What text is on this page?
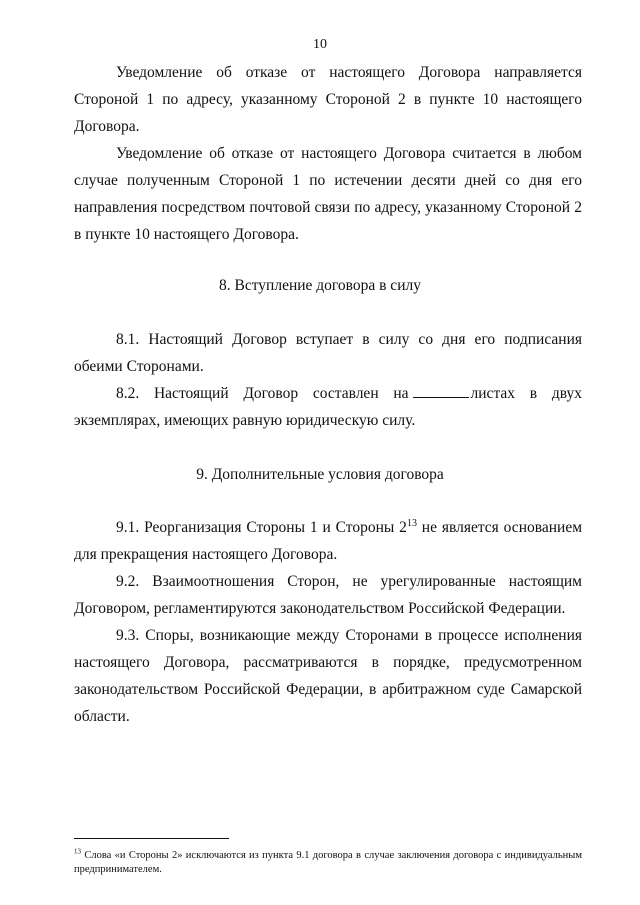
10

Уведомление об отказе от настоящего Договора направляется Стороной 1 по адресу, указанному Стороной 2 в пункте 10 настоящего Договора.

Уведомление об отказе от настоящего Договора считается в любом случае полученным Стороной 1 по истечении десяти дней со дня его направления посредством почтовой связи по адресу, указанному Стороной 2 в пункте 10 настоящего Договора.

8. Вступление договора в силу

8.1. Настоящий Договор вступает в силу со дня его подписания обеими Сторонами.

8.2. Настоящий Договор составлен на	листах в двух экземплярах, имеющих равную юридическую силу.

9. Дополнительные условия договора

9.1. Реорганизация Стороны 1 и Стороны 2$^{13}$ не является основанием для прекращения настоящего Договора.

9.2. Взаимоотношения Сторон, не урегулированные настоящим Договором, регламентируются законодательством Российской Федерации.

9.3. Споры, возникающие между Сторонами в процессе исполнения настоящего Договора, рассматриваются в порядке, предусмотренном законодательством Российской Федерации, в арбитражном суде Самарской области.

$^{13}$ Слова «и Стороны 2» исключаются из пункта 9.1 договора в случае заключения договора с индивидуальным предпринимателем.
